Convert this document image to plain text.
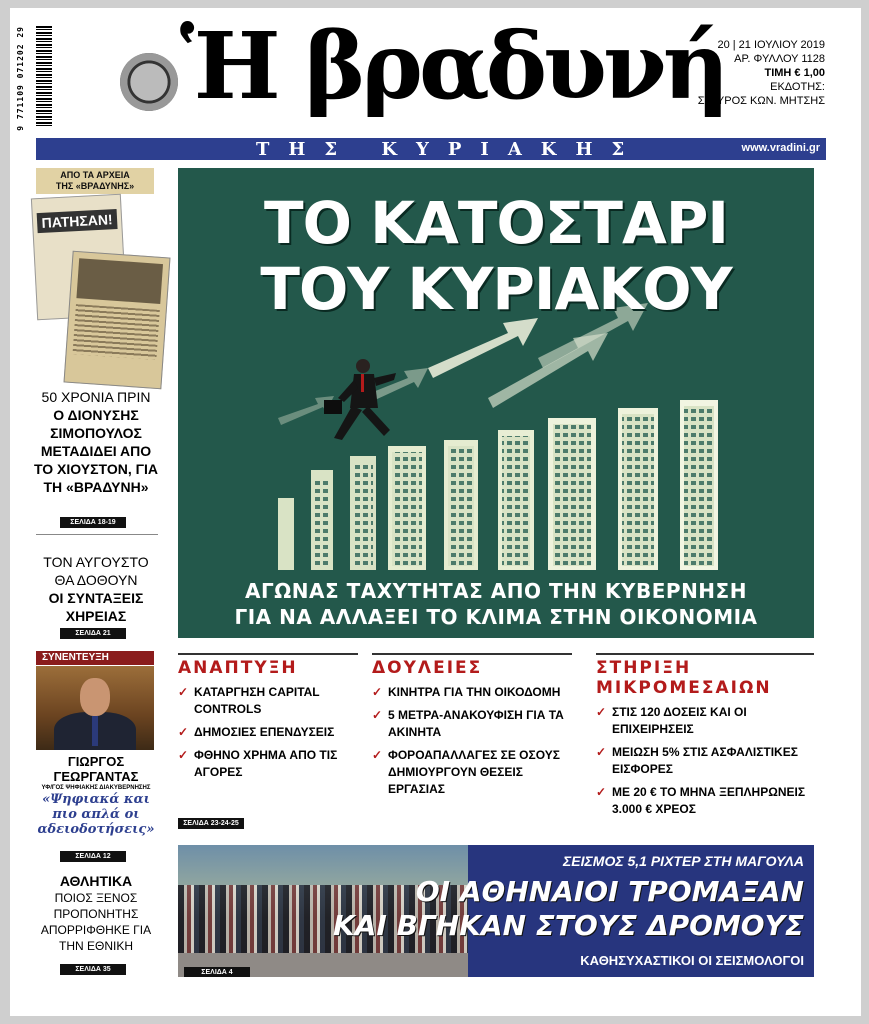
9 771109 071202 29 Ἡ βραδυνή
20 | 21 ΙΟΥΛΙΟΥ 2019
ΑΡ. ΦΥΛΛΟΥ 1128
ΤΙΜΗ € 1,00
ΕΚΔΟΤΗΣ:
ΣΤΑΥΡΟΣ ΚΩΝ. ΜΗΤΣΗΣ
ΤΗΣ ΚΥΡΙΑΚΗΣ	www.vradini.gr
ΑΠΟ ΤΑ ΑΡΧΕΙΑ
ΤΗΣ «ΒΡΑΔΥΝΗΣ»
ΠΑΤΗΣΑΝ!
50 ΧΡΟΝΙΑ ΠΡΙΝ
Ο ΔΙΟΝΥΣΗΣ ΣΙΜΟΠΟΥΛΟΣ ΜΕΤΑΔΙΔΕΙ ΑΠΟ ΤΟ ΧΙΟΥΣΤΟΝ, ΓΙΑ ΤΗ «ΒΡΑΔΥΝΗ»
ΣΕΛΙΔΑ 18-19
ΤΟΝ ΑΥΓΟΥΣΤΟ ΘΑ ΔΟΘΟΥΝ
ΟΙ ΣΥΝΤΑΞΕΙΣ ΧΗΡΕΙΑΣ
ΣΕΛΙΔΑ 21
ΣΥΝΕΝΤΕΥΞΗ
ΓΙΩΡΓΟΣ ΓΕΩΡΓΑΝΤΑΣ
ΥΦ/ΓΟΣ ΨΗΦΙΑΚΗΣ ΔΙΑΚΥΒΕΡΝΗΣΗΣ
«Ψηφιακά και πιο απλά οι αδειοδοτήσεις»
ΣΕΛΙΔΑ 12
ΑΘΛΗΤΙΚΑ
ΠΟΙΟΣ ΞΕΝΟΣ ΠΡΟΠΟΝΗΤΗΣ ΑΠΟΡΡΙΦΘΗΚΕ ΓΙΑ ΤΗΝ ΕΘΝΙΚΗ
ΣΕΛΙΔΑ 35
ΤΟ ΚΑΤΟΣΤΑΡΙ
ΤΟΥ ΚΥΡΙΑΚΟΥ
ΑΓΩΝΑΣ ΤΑΧΥΤΗΤΑΣ ΑΠΟ ΤΗΝ ΚΥΒΕΡΝΗΣΗ
ΓΙΑ ΝΑ ΑΛΛΑΞΕΙ ΤΟ ΚΛΙΜΑ ΣΤΗΝ ΟΙΚΟΝΟΜΙΑ
ΑΝΑΠΤΥΞΗ
✓ ΚΑΤΑΡΓΗΣΗ CAPITAL CONTROLS
✓ ΔΗΜΟΣΙΕΣ ΕΠΕΝΔΥΣΕΙΣ
✓ ΦΘΗΝΟ ΧΡΗΜΑ ΑΠΟ ΤΙΣ ΑΓΟΡΕΣ
ΣΕΛΙΔΑ 23-24-25
ΔΟΥΛΕΙΕΣ
✓ ΚΙΝΗΤΡΑ ΓΙΑ ΤΗΝ ΟΙΚΟΔΟΜΗ
✓ 5 ΜΕΤΡΑ-ΑΝΑΚΟΥΦΙΣΗ ΓΙΑ ΤΑ ΑΚΙΝΗΤΑ
✓ ΦΟΡΟΑΠΑΛΛΑΓΕΣ ΣΕ ΟΣΟΥΣ ΔΗΜΙΟΥΡΓΟΥΝ ΘΕΣΕΙΣ ΕΡΓΑΣΙΑΣ
ΣΤΗΡΙΞΗ
ΜΙΚΡΟΜΕΣΑΙΩΝ
✓ ΣΤΙΣ 120 ΔΟΣΕΙΣ ΚΑΙ ΟΙ ΕΠΙΧΕΙΡΗΣΕΙΣ
✓ ΜΕΙΩΣΗ 5% ΣΤΙΣ ΑΣΦΑΛΙΣΤΙΚΕΣ ΕΙΣΦΟΡΕΣ
✓ ΜΕ 20 € ΤΟ ΜΗΝΑ ΞΕΠΛΗΡΩΝΕΙΣ 3.000 € ΧΡΕΟΣ
ΣΕΙΣΜΟΣ 5,1 ΡΙΧΤΕΡ ΣΤΗ ΜΑΓΟΥΛΑ
ΟΙ ΑΘΗΝΑΙΟΙ ΤΡΟΜΑΞΑΝ
ΚΑΙ ΒΓΗΚΑΝ ΣΤΟΥΣ ΔΡΟΜΟΥΣ
ΚΑΘΗΣΥΧΑΣΤΙΚΟΙ ΟΙ ΣΕΙΣΜΟΛΟΓΟΙ
ΣΕΛΙΔΑ 4
